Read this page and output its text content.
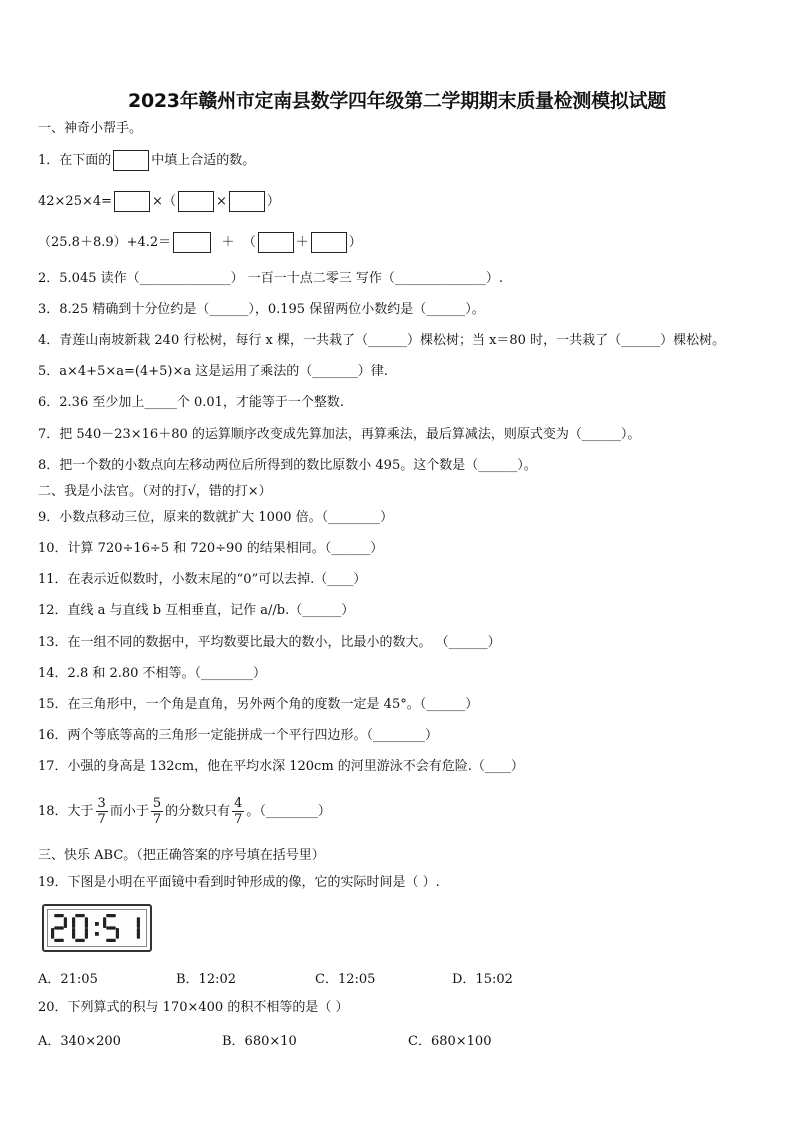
2023年赣州市定南县数学四年级第二学期期末质量检测模拟试题
一、神奇小帮手。
1．在下面的	中填上合适的数。
42×25×4=	×（	×	）
（25.8＋8.9）+4.2＝	＋ （	＋	）
2．5.045 读作（______________） 一百一十点二零三 写作（______________）.
3．8.25 精确到十分位约是（______），0.195 保留两位小数约是（______）。
4．青莲山南坡新栽 240 行松树，每行 x 棵，一共栽了（______）棵松树；当 x＝80 时，一共栽了（______）棵松树。
5．a×4+5×a=(4+5)×a 这是运用了乘法的（_______）律.
6．2.36 至少加上_____个 0.01，才能等于一个整数.
7．把 540－23×16＋80 的运算顺序改变成先算加法，再算乘法，最后算减法，则原式变为（______）。
8．把一个数的小数点向左移动两位后所得到的数比原数小 495。这个数是（______）。
二、我是小法官。（对的打√，错的打×）
9．小数点移动三位，原来的数就扩大 1000 倍。（________）
10．计算 720÷16÷5 和 720÷90 的结果相同。（______）
11．在表示近似数时，小数末尾的“0”可以去掉.（____）
12．直线 a 与直线 b 互相垂直，记作 a//b.（______）
13．在一组不同的数据中，平均数要比最大的数小，比最小的数大。 （______）
14．2.8 和 2.80 不相等。（________）
15．在三角形中，一个角是直角，另外两个角的度数一定是 45°。（______）
16．两个等底等高的三角形一定能拼成一个平行四边形。（________）
17．小强的身高是 132cm，他在平均水深 120cm 的河里游泳不会有危险.（____）
18．大于 $\frac{3}{7}$ 而小于 $\frac{5}{7}$ 的分数只有 $\frac{4}{7}$ 。（________）
三、快乐 ABC。（把正确答案的序号填在括号里）
19．下图是小明在平面镜中看到时钟形成的像，它的实际时间是（ ）.
A．21:05	B．12:02	C．12:05	D．15:02
20．下列算式的积与 170×400 的积不相等的是（ ）
A．340×200	B．680×10	C．680×100
